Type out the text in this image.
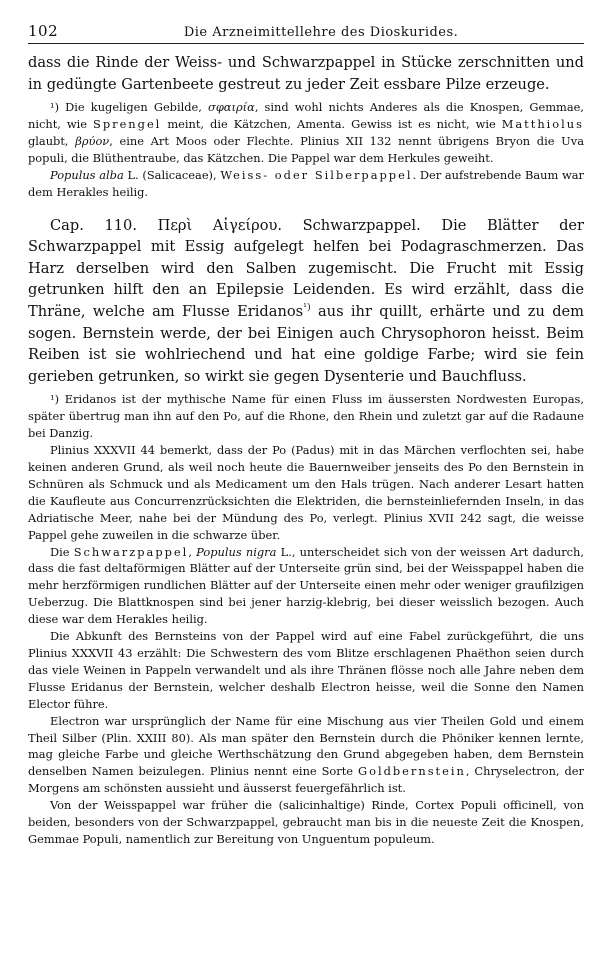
102	Die Arzneimittellehre des Dioskurides.

dass die Rinde der Weiss- und Schwarzpappel in Stücke zerschnitten und in gedüngte Gartenbeete gestreut zu jeder Zeit essbare Pilze erzeuge.

¹) Die kugeligen Gebilde, σφαιρία, sind wohl nichts Anderes als die Knospen, Gemmae, nicht, wie Sprengel meint, die Kätzchen, Amenta. Gewiss ist es nicht, wie Matthiolus glaubt, βρύον, eine Art Moos oder Flechte. Plinius XII 132 nennt übrigens Bryon die Uva populi, die Blüthentraube, das Kätzchen. Die Pappel war dem Herkules geweiht.

Populus alba L. (Salicaceae), Weiss- oder Silberpappel. Der aufstrebende Baum war dem Herakles heilig.

Cap. 110. Περὶ Αἰγείρου. Schwarzpappel. Die Blätter der Schwarzpappel mit Essig aufgelegt helfen bei Podagraschmerzen. Das Harz derselben wird den Salben zugemischt. Die Frucht mit Essig getrunken hilft den an Epilepsie Leidenden. Es wird erzählt, dass die Thräne, welche am Flusse Eridanos$^{^1)}$ aus ihr quillt, erhärte und zu dem sogen. Bernstein werde, der bei Einigen auch Chrysophoron heisst. Beim Reiben ist sie wohlriechend und hat eine goldige Farbe; wird sie fein gerieben getrunken, so wirkt sie gegen Dysenterie und Bauchfluss.

¹) Eridanos ist der mythische Name für einen Fluss im äussersten Nordwesten Europas, später übertrug man ihn auf den Po, auf die Rhone, den Rhein und zuletzt gar auf die Radaune bei Danzig.

Plinius XXXVII 44 bemerkt, dass der Po (Padus) mit in das Märchen verflochten sei, habe keinen anderen Grund, als weil noch heute die Bauernweiber jenseits des Po den Bernstein in Schnüren als Schmuck und als Medicament um den Hals trügen. Nach anderer Lesart hatten die Kaufleute aus Concurrenzrücksichten die Elektriden, die bernsteinliefernden Inseln, in das Adriatische Meer, nahe bei der Mündung des Po, verlegt. Plinius XVII 242 sagt, die weisse Pappel gehe zuweilen in die schwarze über.

Die Schwarzpappel, Populus nigra L., unterscheidet sich von der weissen Art dadurch, dass die fast deltaförmigen Blätter auf der Unterseite grün sind, bei der Weisspappel haben die mehr herzförmigen rundlichen Blätter auf der Unterseite einen mehr oder weniger graufilzigen Ueberzug. Die Blattknospen sind bei jener harzig-klebrig, bei dieser weisslich bezogen. Auch diese war dem Herakles heilig.

Die Abkunft des Bernsteins von der Pappel wird auf eine Fabel zurückgeführt, die uns Plinius XXXVII 43 erzählt: Die Schwestern des vom Blitze erschlagenen Phaëthon seien durch das viele Weinen in Pappeln verwandelt und als ihre Thränen flösse noch alle Jahre neben dem Flusse Eridanus der Bernstein, welcher deshalb Electron heisse, weil die Sonne den Namen Elector führe.

Electron war ursprünglich der Name für eine Mischung aus vier Theilen Gold und einem Theil Silber (Plin. XXIII 80). Als man später den Bernstein durch die Phöniker kennen lernte, mag gleiche Farbe und gleiche Werthschätzung den Grund abgegeben haben, dem Bernstein denselben Namen beizulegen. Plinius nennt eine Sorte Goldbernstein, Chryselectron, der Morgens am schönsten aussieht und äusserst feuergefährlich ist.

Von der Weisspappel war früher die (salicinhaltige) Rinde, Cortex Populi officinell, von beiden, besonders von der Schwarzpappel, gebraucht man bis in die neueste Zeit die Knospen, Gemmae Populi, namentlich zur Bereitung von Unguentum populeum.
